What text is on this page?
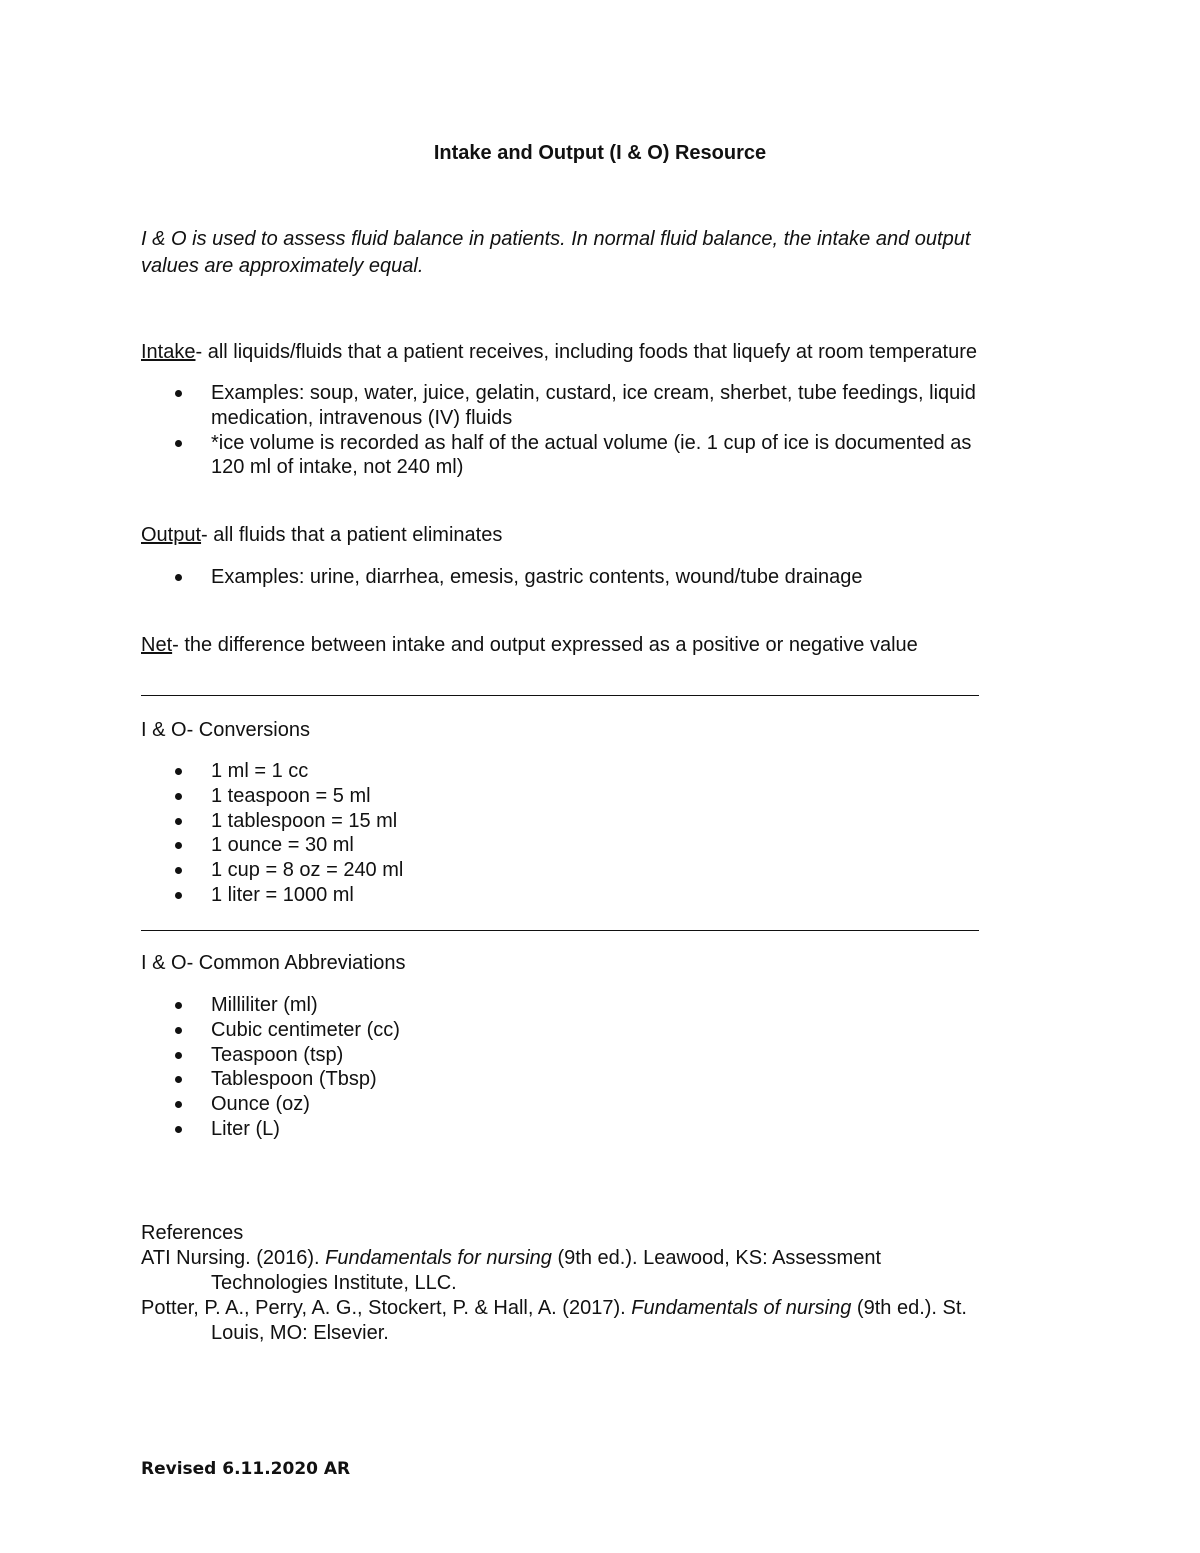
Intake and Output (I & O) Resource
I & O is used to assess fluid balance in patients. In normal fluid balance, the intake and output
values are approximately equal.
Intake- all liquids/fluids that a patient receives, including foods that liquefy at room temperature
Examples: soup, water, juice, gelatin, custard, ice cream, sherbet, tube feedings, liquid
medication, intravenous (IV) fluids
*ice volume is recorded as half of the actual volume (ie. 1 cup of ice is documented as
120 ml of intake, not 240 ml)
Output- all fluids that a patient eliminates
Examples: urine, diarrhea, emesis, gastric contents, wound/tube drainage
Net- the difference between intake and output expressed as a positive or negative value
I & O- Conversions
1 ml = 1 cc
1 teaspoon = 5 ml
1 tablespoon = 15 ml
1 ounce = 30 ml
1 cup = 8 oz = 240 ml
1 liter = 1000 ml
I & O- Common Abbreviations
Milliliter (ml)
Cubic centimeter (cc)
Teaspoon (tsp)
Tablespoon (Tbsp)
Ounce (oz)
Liter (L)
References
ATI Nursing. (2016). Fundamentals for nursing (9th ed.). Leawood, KS: Assessment
Technologies Institute, LLC.
Potter, P. A., Perry, A. G., Stockert, P. & Hall, A. (2017). Fundamentals of nursing (9th ed.). St.
Louis, MO: Elsevier.
Revised 6.11.2020 AR
